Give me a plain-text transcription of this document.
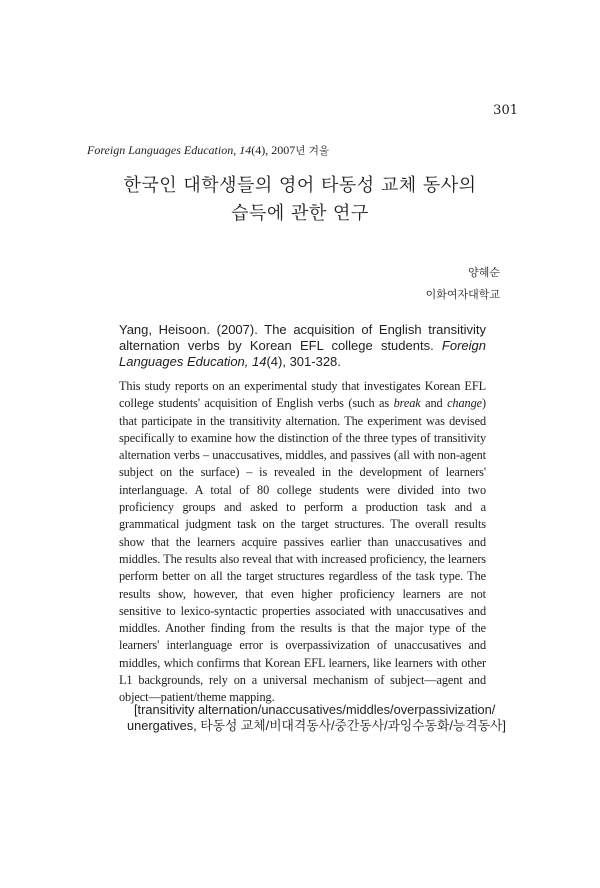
301
Foreign Languages Education, 14(4), 2007년 겨울
한국인 대학생들의 영어 타동성 교체 동사의
습득에 관한 연구
양혜순
이화여자대학교
Yang, Heisoon. (2007). The acquisition of English transitivity alternation verbs by Korean EFL college students. Foreign Languages Education, 14(4), 301-328.
This study reports on an experimental study that investigates Korean EFL college students' acquisition of English verbs (such as break and change) that participate in the transitivity alternation. The experiment was devised specifically to examine how the distinction of the three types of transitivity alternation verbs – unaccusatives, middles, and passives (all with non-agent subject on the surface) – is revealed in the development of learners' interlanguage. A total of 80 college students were divided into two proficiency groups and asked to perform a production task and a grammatical judgment task on the target structures. The overall results show that the learners acquire passives earlier than unaccusatives and middles. The results also reveal that with increased proficiency, the learners perform better on all the target structures regardless of the task type. The results show, however, that even higher proficiency learners are not sensitive to lexico-syntactic properties associated with unaccusatives and middles. Another finding from the results is that the major type of the learners' interlanguage error is overpassivization of unaccusatives and middles, which confirms that Korean EFL learners, like learners with other L1 backgrounds, rely on a universal mechanism of subject—agent and object—patient/theme mapping.
[transitivity alternation/unaccusatives/middles/overpassivization/
unergatives, 타동성 교체/비대격동사/중간동사/과잉수동화/능격동사]
